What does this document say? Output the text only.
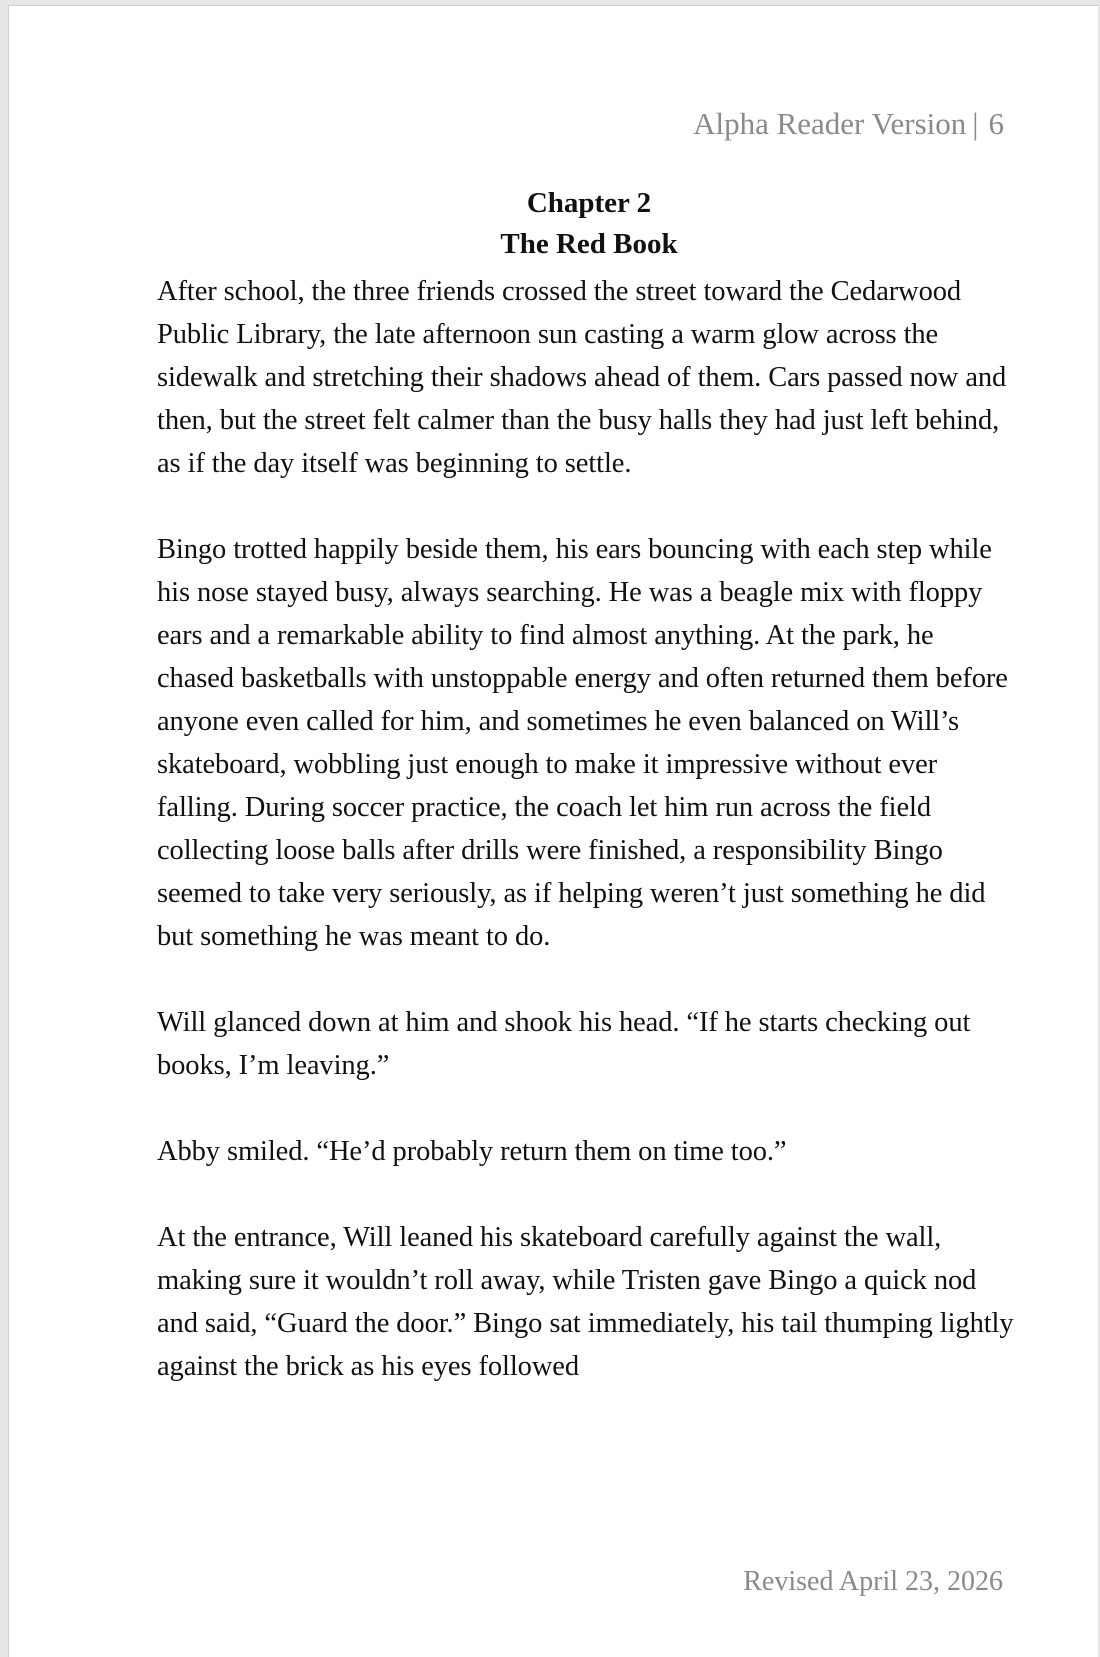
Alpha Reader Version | 6
Chapter 2
The Red Book

After school, the three friends crossed the street toward the Cedarwood Public Library, the late afternoon sun casting a warm glow across the sidewalk and stretching their shadows ahead of them. Cars passed now and then, but the street felt calmer than the busy halls they had just left behind, as if the day itself was beginning to settle.

Bingo trotted happily beside them, his ears bouncing with each step while his nose stayed busy, always searching. He was a beagle mix with floppy ears and a remarkable ability to find almost anything. At the park, he chased basketballs with unstoppable energy and often returned them before anyone even called for him, and sometimes he even balanced on Will’s skateboard, wobbling just enough to make it impressive without ever falling. During soccer practice, the coach let him run across the field collecting loose balls after drills were finished, a responsibility Bingo seemed to take very seriously, as if helping weren’t just something he did but something he was meant to do.

Will glanced down at him and shook his head. “If he starts checking out books, I’m leaving.”

Abby smiled. “He’d probably return them on time too.”

At the entrance, Will leaned his skateboard carefully against the wall, making sure it wouldn’t roll away, while Tristen gave Bingo a quick nod and said, “Guard the door.” Bingo sat immediately, his tail thumping lightly against the brick as his eyes followed

Revised April 23, 2026
